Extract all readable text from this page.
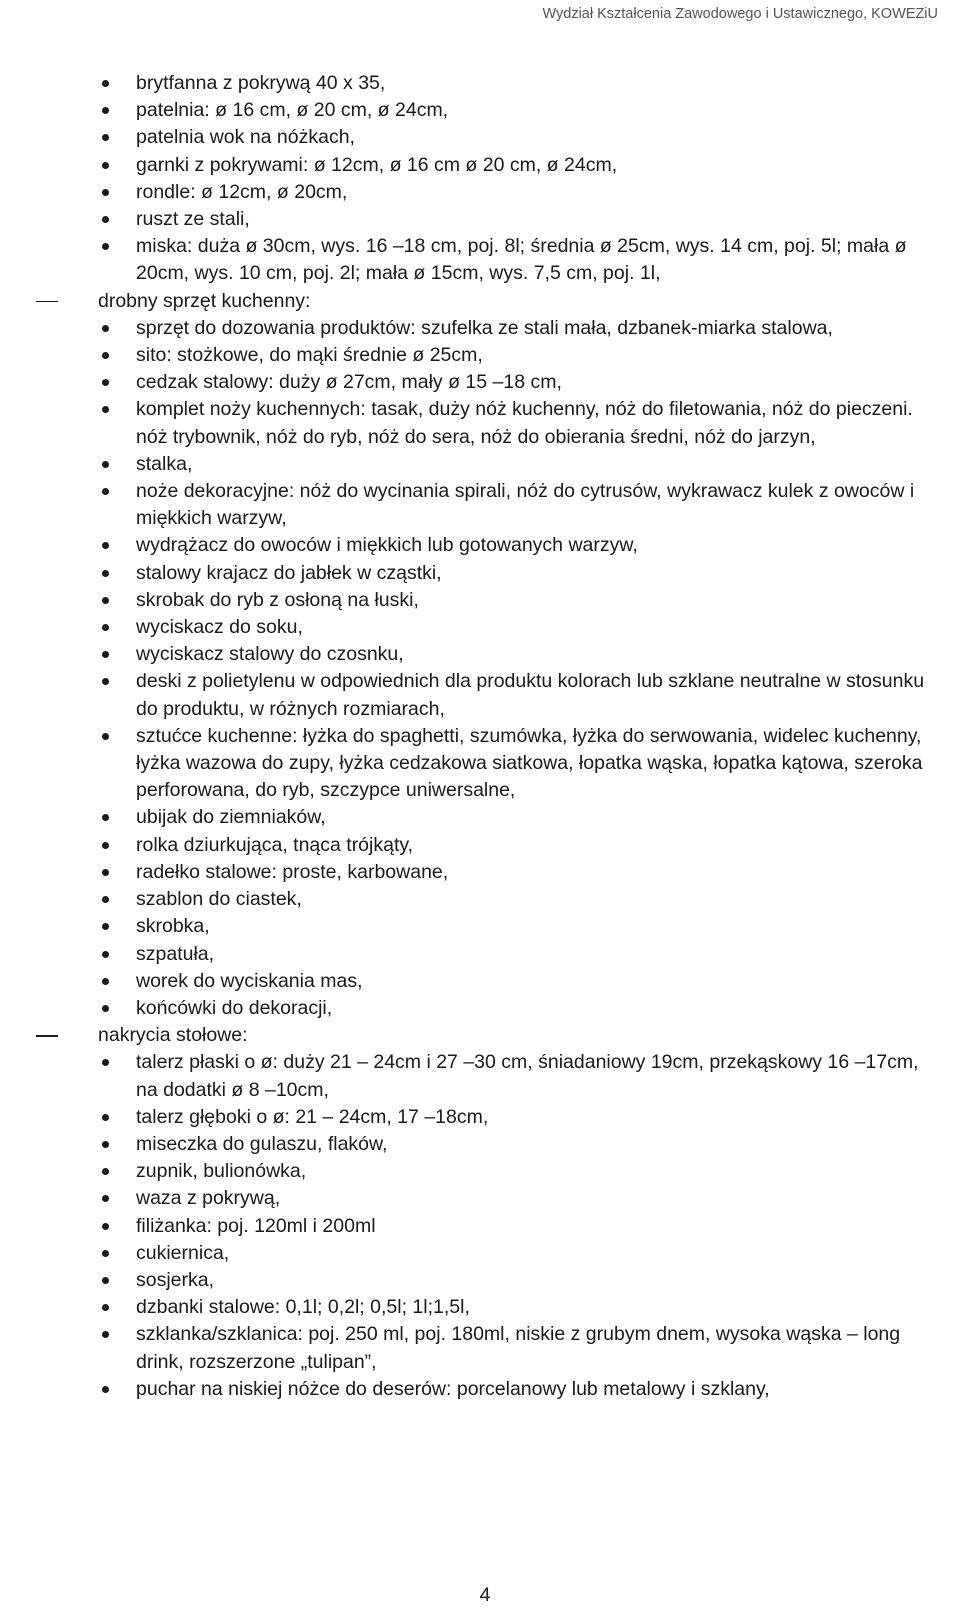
Wydział Kształcenia Zawodowego i Ustawicznego, KOWEZiU
brytfanna z pokrywą 40 x 35,
patelnia: ø 16 cm, ø 20 cm, ø 24cm,
patelnia wok na nóżkach,
garnki z pokrywami: ø 12cm, ø 16 cm ø 20 cm, ø 24cm,
rondle: ø 12cm, ø 20cm,
ruszt ze stali,
miska: duża ø 30cm, wys. 16 –18 cm, poj. 8l; średnia ø 25cm, wys. 14 cm, poj. 5l; mała ø 20cm, wys. 10 cm, poj. 2l; mała ø 15cm, wys. 7,5 cm, poj. 1l,
drobny sprzęt kuchenny:
sprzęt do dozowania produktów: szufelka ze stali mała, dzbanek-miarka stalowa,
sito: stożkowe, do mąki średnie ø 25cm,
cedzak stalowy: duży ø 27cm, mały ø 15 –18 cm,
komplet noży kuchennych: tasak, duży nóż kuchenny, nóż do filetowania, nóż do pieczeni. nóż trybownik, nóż do ryb, nóż do sera, nóż do obierania średni, nóż do jarzyn,
stalka,
noże dekoracyjne: nóż do wycinania spirali, nóż do cytrusów, wykrawacz kulek z owoców i miękkich warzyw,
wydrążacz do owoców i miękkich lub gotowanych warzyw,
stalowy krajacz do jabłek w cząstki,
skrobak do ryb z osłoną na łuski,
wyciskacz do soku,
wyciskacz stalowy do czosnku,
deski z polietylenu w odpowiednich dla produktu kolorach lub szklane neutralne w stosunku do produktu, w różnych rozmiarach,
sztućce kuchenne: łyżka do spaghetti, szumówka, łyżka do serwowania, widelec kuchenny, łyżka wazowa do zupy, łyżka cedzakowa siatkowa, łopatka wąska, łopatka kątowa, szeroka perforowana, do ryb, szczypce uniwersalne,
ubijak do ziemniaków,
rolka dziurkująca, tnąca trójkąty,
radełko stalowe: proste, karbowane,
szablon do ciastek,
skrobka,
szpatuła,
worek do wyciskania mas,
końcówki do dekoracji,
nakrycia stołowe:
talerz płaski o ø: duży 21 – 24cm i 27 –30 cm, śniadaniowy 19cm, przekąskowy 16 –17cm, na dodatki ø 8 –10cm,
talerz głęboki o ø: 21 – 24cm, 17 –18cm,
miseczka do gulaszu, flaków,
zupnik, bulionówka,
waza z pokrywą,
filiżanka: poj. 120ml i 200ml
cukiernica,
sosjerka,
dzbanki stalowe: 0,1l; 0,2l; 0,5l; 1l;1,5l,
szklanka/szklanica: poj. 250 ml, poj. 180ml, niskie z grubym dnem, wysoka wąska – long drink, rozszerzone „tulipan”,
puchar na niskiej nóżce do deserów: porcelanowy lub metalowy i szklany,
4
